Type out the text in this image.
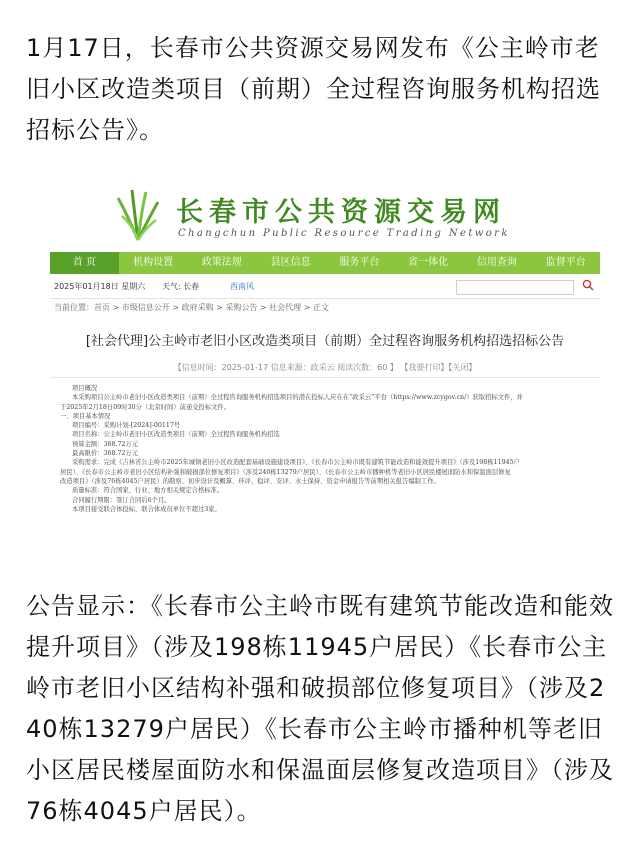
1月17日，长春市公共资源交易网发布《公主岭市老旧小区改造类项目（前期）全过程咨询服务机构招选招标公告》。

长春市公共资源交易网
Changchun Public Resource Trading Network
首 页	机构设置	政策法规	县区信息	服务平台	省一体化	信用查询	监督平台
2025年01月18日 星期六 天气: 长春	西南风
当前位置：首页 > 市级信息公开 > 政府采购 > 采购公告 > 社会代理 > 正文
[社会代理]公主岭市老旧小区改造类项目（前期）全过程咨询服务机构招选招标公告
【信息时间：2025-01-17 信息来源：政采云 阅读次数：60 】 【我要打印】【关闭】
项目概况
本采购项目公主岭市老旧小区改造类项目（前期）全过程咨询服务机构招选项目的潜在投标人应在在“政采云”平台（https://www.zcygov.cn/）获取招标文件，并
于2025年2月18日09时30分（北京时间）前递交投标文件。
一、项目基本情况
项目编号：采购计划-[2024]-00117号
项目名称：公主岭市老旧小区改造类项目（前期）全过程咨询服务机构招选
预算金额：368.72万元
最高限价：368.72万元
采购需求：完成《吉林省公主岭市2025年城镇老旧小区改造配套基础设施建设项目》、《长春市公主岭市既有建筑节能改造和能效提升项目》（涉及198栋11945户
居民）、《长春市公主岭市老旧小区结构补强和破损部位修复项目》（涉及240栋13279户居民）、《长春市公主岭市播种机等老旧小区居民楼屋面防水和保温面层修复
改造项目》（涉及76栋4045户居民）的勘察、初步设计及概算、环评、稳评、安评、水土保持、资金申请报告等前期相关报告编制工作。
质量标准：符合国家、行业、地方相关规定合格标准。
合同履行期限：签订合同后6个月。
本项目接受联合体投标，联合体成员单位不超过3家。

公告显示：《长春市公主岭市既有建筑节能改造和能效提升项目》（涉及198栋11945户居民）《长春市公主岭市老旧小区结构补强和破损部位修复项目》（涉及240栋13279户居民）《长春市公主岭市播种机等老旧小区居民楼屋面防水和保温面层修复改造项目》（涉及76栋4045户居民）。
